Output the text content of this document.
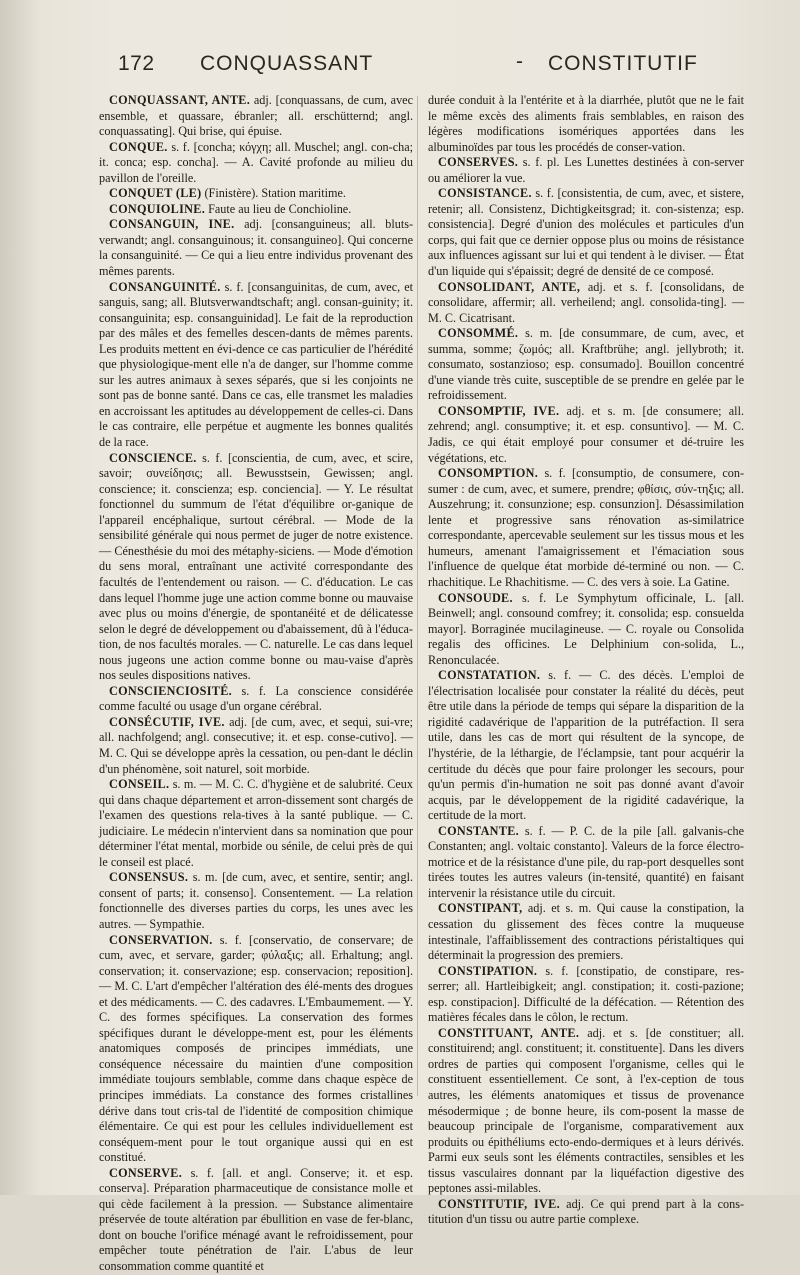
172 CONQUASSANT	- CONSTITUTIF

CONQUASSANT, ANTE. adj. [conquassans, de cum, avec ensemble, et quassare, ébranler; all. erschütternd; angl. conquassating]. Qui brise, qui épuise.

CONQUE. s. f. [concha; κόγχη; all. Muschel; angl. con-cha; it. conca; esp. concha]. — A. Cavité profonde au milieu du pavillon de l'oreille.

CONQUET (LE) (Finistère). Station maritime.

CONQUIOLINE. Faute au lieu de Conchioline.

CONSANGUIN, INE. adj. [consanguineus; all. bluts-verwandt; angl. consanguinous; it. consanguineo]. Qui concerne la consanguinité. — Ce qui a lieu entre individus provenant des mêmes parents.

CONSANGUINITÉ. s. f. [consanguinitas, de cum, avec, et sanguis, sang; all. Blutsverwandtschaft; angl. consan-guinity; it. consanguinita; esp. consanguinidad]. Le fait de la reproduction par des mâles et des femelles descen-dants de mêmes parents. Les produits mettent en évi-dence ce cas particulier de l'hérédité que physiologique-ment elle n'a de danger, sur l'homme comme sur les autres animaux à sexes séparés, que si les conjoints ne sont pas de bonne santé. Dans ce cas, elle transmet les maladies en accroissant les aptitudes au développement de celles-ci. Dans le cas contraire, elle perpétue et augmente les bonnes qualités de la race.

CONSCIENCE. s. f. [conscientia, de cum, avec, et scire, savoir; συνείδησις; all. Bewusstsein, Gewissen; angl. conscience; it. conscienza; esp. conciencia]. — Y. Le résultat fonctionnel du summum de l'état d'équilibre or-ganique de l'appareil encéphalique, surtout cérébral. — Mode de la sensibilité générale qui nous permet de juger de notre existence. — Cénesthésie du moi des métaphy-siciens. — Mode d'émotion du sens moral, entraînant une activité correspondante des facultés de l'entendement ou raison. — C. d'éducation. Le cas dans lequel l'homme juge une action comme bonne ou mauvaise avec plus ou moins d'énergie, de spontanéité et de délicatesse selon le degré de développement ou d'abaissement, dû à l'éduca-tion, de nos facultés morales. — C. naturelle. Le cas dans lequel nous jugeons une action comme bonne ou mau-vaise d'après nos seules dispositions natives.

CONSCIENCIOSITÉ. s. f. La conscience considérée comme faculté ou usage d'un organe cérébral.

CONSÉCUTIF, IVE. adj. [de cum, avec, et sequi, sui-vre; all. nachfolgend; angl. consecutive; it. et esp. conse-cutivo]. — M. C. Qui se développe après la cessation, ou pen-dant le déclin d'un phénomène, soit naturel, soit morbide.

CONSEIL. s. m. — M. C. C. d'hygiène et de salubrité. Ceux qui dans chaque département et arron-dissement sont chargés de l'examen des questions rela-tives à la santé publique. — C. judiciaire. Le médecin n'intervient dans sa nomination que pour déterminer l'état mental, morbide ou sénile, de celui près de qui le conseil est placé.

CONSENSUS. s. m. [de cum, avec, et sentire, sentir; angl. consent of parts; it. consenso]. Consentement. — La relation fonctionnelle des diverses parties du corps, les unes avec les autres. — Sympathie.

CONSERVATION. s. f. [conservatio, de conservare; de cum, avec, et servare, garder; φύλαξις; all. Erhaltung; angl. conservation; it. conservazione; esp. conservacion; reposition]. — M. C. L'art d'empêcher l'altération des élé-ments des drogues et des médicaments. — C. des cadavres. L'Embaumement. — Y. C. des formes spécifiques. La conservation des formes spécifiques durant le développe-ment est, pour les éléments anatomiques composés de principes immédiats, une conséquence nécessaire du maintien d'une composition immédiate toujours semblable, comme dans chaque espèce de principes immédiats. La constance des formes cristallines dérive dans tout cris-tal de l'identité de composition chimique élémentaire. Ce qui est pour les cellules individuellement est conséquem-ment pour le tout organique aussi qui en est constitué.

CONSERVE. s. f. [all. et angl. Conserve; it. et esp. conserva]. Préparation pharmaceutique de consistance molle et qui cède facilement à la pression. — Substance alimentaire préservée de toute altération par ébullition en vase de fer-blanc, dont on bouche l'orifice ménagé avant le refroidissement, pour empêcher toute pénétration de l'air. L'abus de leur consommation comme quantité et

durée conduit à la l'entérite et à la diarrhée, plutôt que ne le fait le même excès des aliments frais semblables, en raison des légères modifications isomériques apportées dans les albuminoïdes par tous les procédés de conser-vation.

CONSERVES. s. f. pl. Les Lunettes destinées à con-server ou améliorer la vue.

CONSISTANCE. s. f. [consistentia, de cum, avec, et sistere, retenir; all. Consistenz, Dichtigkeitsgrad; it. con-sistenza; esp. consistencia]. Degré d'union des molécules et particules d'un corps, qui fait que ce dernier oppose plus ou moins de résistance aux influences agissant sur lui et qui tendent à le diviser. — État d'un liquide qui s'épaissit; degré de densité de ce composé.

CONSOLIDANT, ANTE, adj. et s. f. [consolidans, de consolidare, affermir; all. verheilend; angl. consolida-ting]. — M. C. Cicatrisant.

CONSOMMÉ. s. m. [de consummare, de cum, avec, et summa, somme; ζωμός; all. Kraftbrühe; angl. jellybroth; it. consumato, sostanzioso; esp. consumado]. Bouillon concentré d'une viande très cuite, susceptible de se prendre en gelée par le refroidissement.

CONSOMPTIF, IVE. adj. et s. m. [de consumere; all. zehrend; angl. consumptive; it. et esp. consuntivo]. — M. C. Jadis, ce qui était employé pour consumer et dé-truire les végétations, etc.

CONSOMPTION. s. f. [consumptio, de consumere, con-sumer : de cum, avec, et sumere, prendre; φθίσις, σύν-τηξις; all. Auszehrung; it. consunzione; esp. consunzion]. Désassimilation lente et progressive sans rénovation as-similatrice correspondante, apercevable seulement sur les tissus mous et les humeurs, amenant l'amaigrissement et l'émaciation sous l'influence de quelque état morbide dé-terminé ou non. — C. rhachitique. Le Rhachitisme. — C. des vers à soie. La Gatine.

CONSOUDE. s. f. Le Symphytum officinale, L. [all. Beinwell; angl. consound comfrey; it. consolida; esp. consuelda mayor]. Borraginée mucilagineuse. — C. royale ou Consolida regalis des officines. Le Delphinium con-solida, L., Renonculacée.

CONSTATATION. s. f. — C. des décès. L'emploi de l'électrisation localisée pour constater la réalité du décès, peut être utile dans la période de temps qui sépare la disparition de la rigidité cadavérique de l'apparition de la putréfaction. Il sera utile, dans les cas de mort qui résultent de la syncope, de l'hystérie, de la léthargie, de l'éclampsie, tant pour acquérir la certitude du décès que pour faire prolonger les secours, pour qu'un permis d'in-humation ne soit pas donné avant d'avoir acquis, par le développement de la rigidité cadavérique, la certitude de la mort.

CONSTANTE. s. f. — P. C. de la pile [all. galvanis-che Constanten; angl. voltaic constanto]. Valeurs de la force électro-motrice et de la résistance d'une pile, du rap-port desquelles sont tirées toutes les autres valeurs (in-tensité, quantité) en faisant intervenir la résistance utile du circuit.

CONSTIPANT, adj. et s. m. Qui cause la constipation, la cessation du glissement des fèces contre la muqueuse intestinale, l'affaiblissement des contractions péristaltiques qui déterminait la progression des premiers.

CONSTIPATION. s. f. [constipatio, de constipare, res-serrer; all. Hartleibigkeit; angl. constipation; it. costi-pazione; esp. constipacion]. Difficulté de la défécation. — Rétention des matières fécales dans le côlon, le rectum.

CONSTITUANT, ANTE. adj. et s. [de constituer; all. constituirend; angl. constituent; it. constituente]. Dans les divers ordres de parties qui composent l'organisme, celles qui le constituent essentiellement. Ce sont, à l'ex-ception de tous autres, les éléments anatomiques et tissus de provenance mésodermique ; de bonne heure, ils com-posent la masse de beaucoup principale de l'organisme, comparativement aux produits ou épithéliums ecto-endo-dermiques et à leurs dérivés. Parmi eux seuls sont les éléments contractiles, sensibles et les tissus vasculaires donnant par la liquéfaction digestive des peptones assi-milables.

CONSTITUTIF, IVE. adj. Ce qui prend part à la cons-titution d'un tissu ou autre partie complexe.
